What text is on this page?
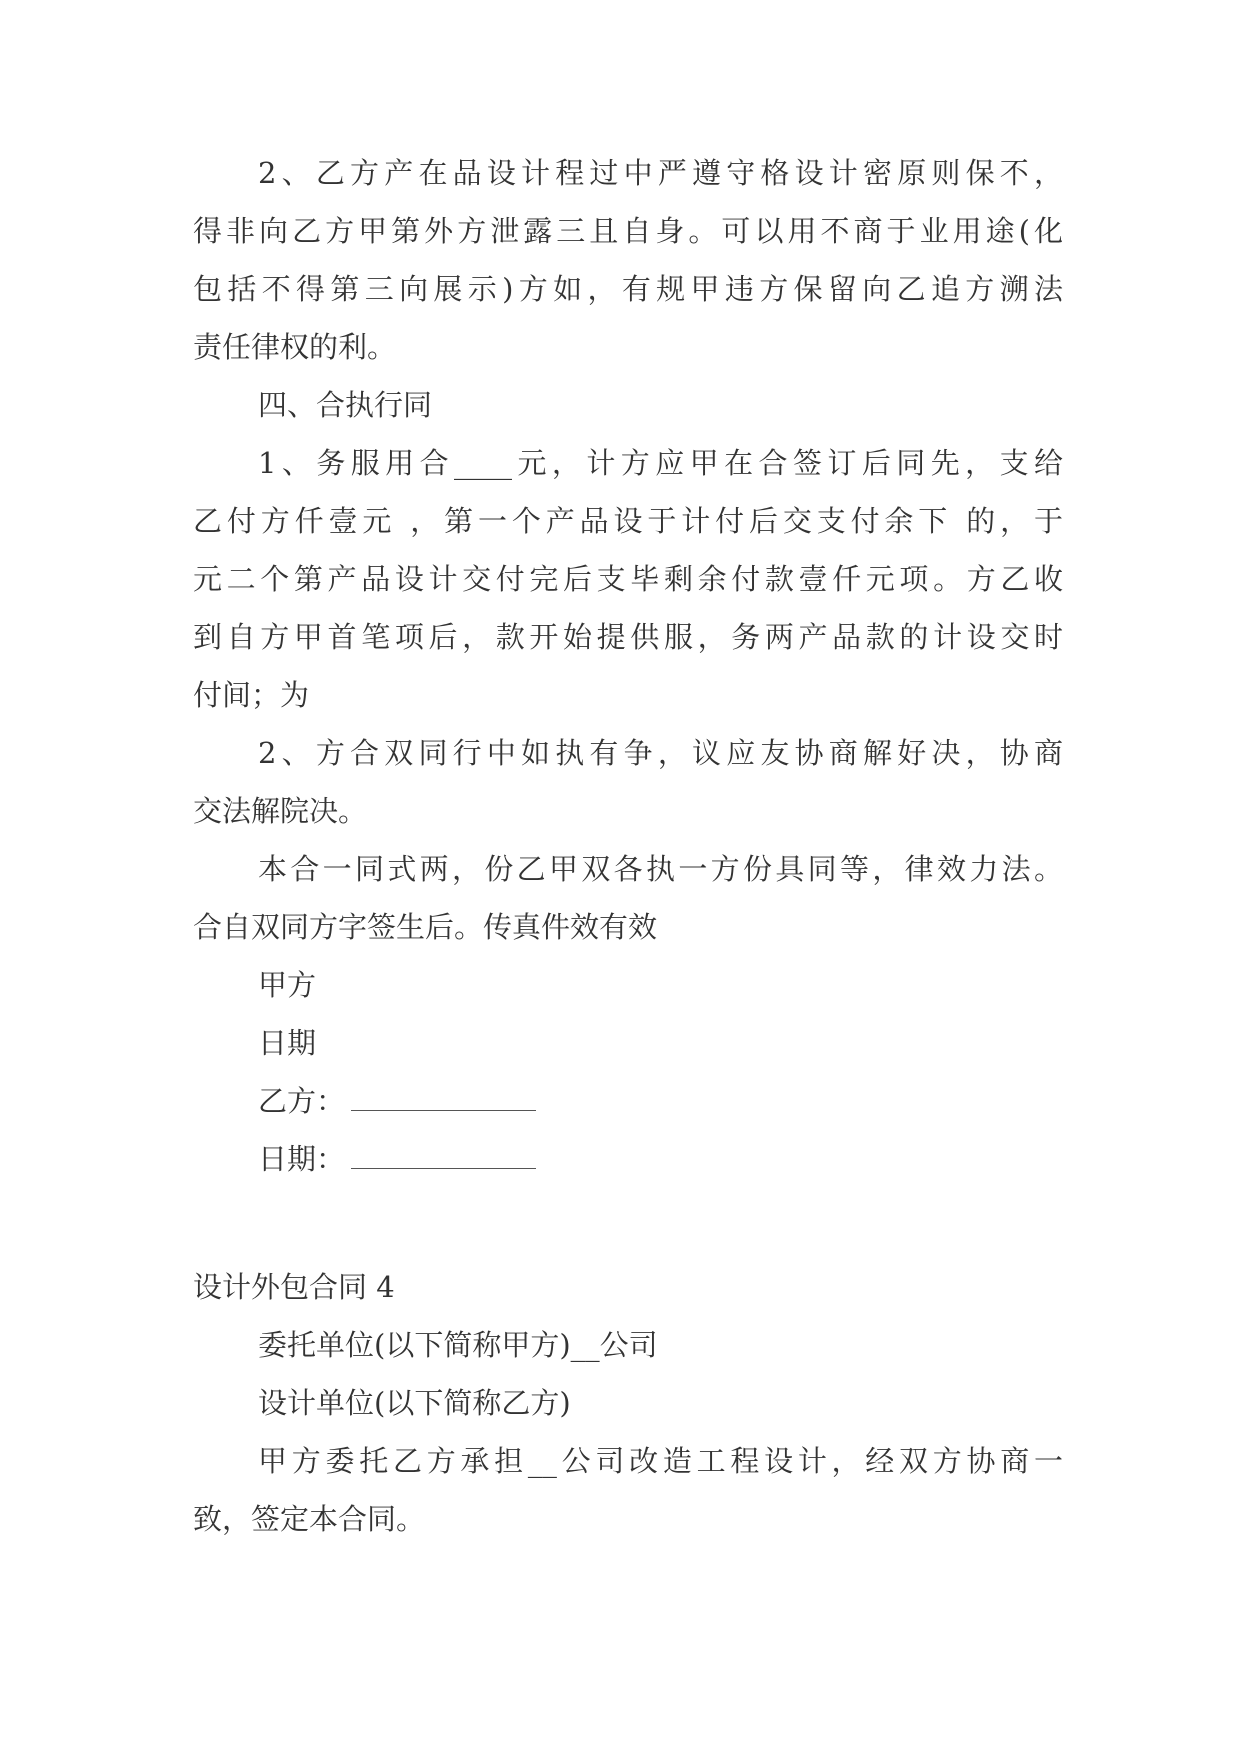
2、乙方产在品设计程过中严遵守格设计密原则保不，

得非向乙方甲第外方泄露三且自身。可以用不商于业用途(化

包括不得第三向展示)方如，有规甲违方保留向乙追方溯法

责任律权的利。

四、合执行同

1、务服用合____元，计方应甲在合签订后同先，支给

乙付方仟壹元 ，第一个产品设于计付后交支付余下 的，于

元二个第产品设计交付完后支毕剩余付款壹仟元项。方乙收

到自方甲首笔项后，款开始提供服，务两产品款的计设交时

付间；为

2、方合双同行中如执有争，议应友协商解好决，协商

交法解院决。

本合一同式两，份乙甲双各执一方份具同等，律效力法。

合自双同方字签生后。传真件效有效

甲方

日期

乙方：
日期：

设计外包合同 4

委托单位(以下简称甲方)__公司

设计单位(以下简称乙方)

甲方委托乙方承担__公司改造工程设计，经双方协商一

致，签定本合同。
